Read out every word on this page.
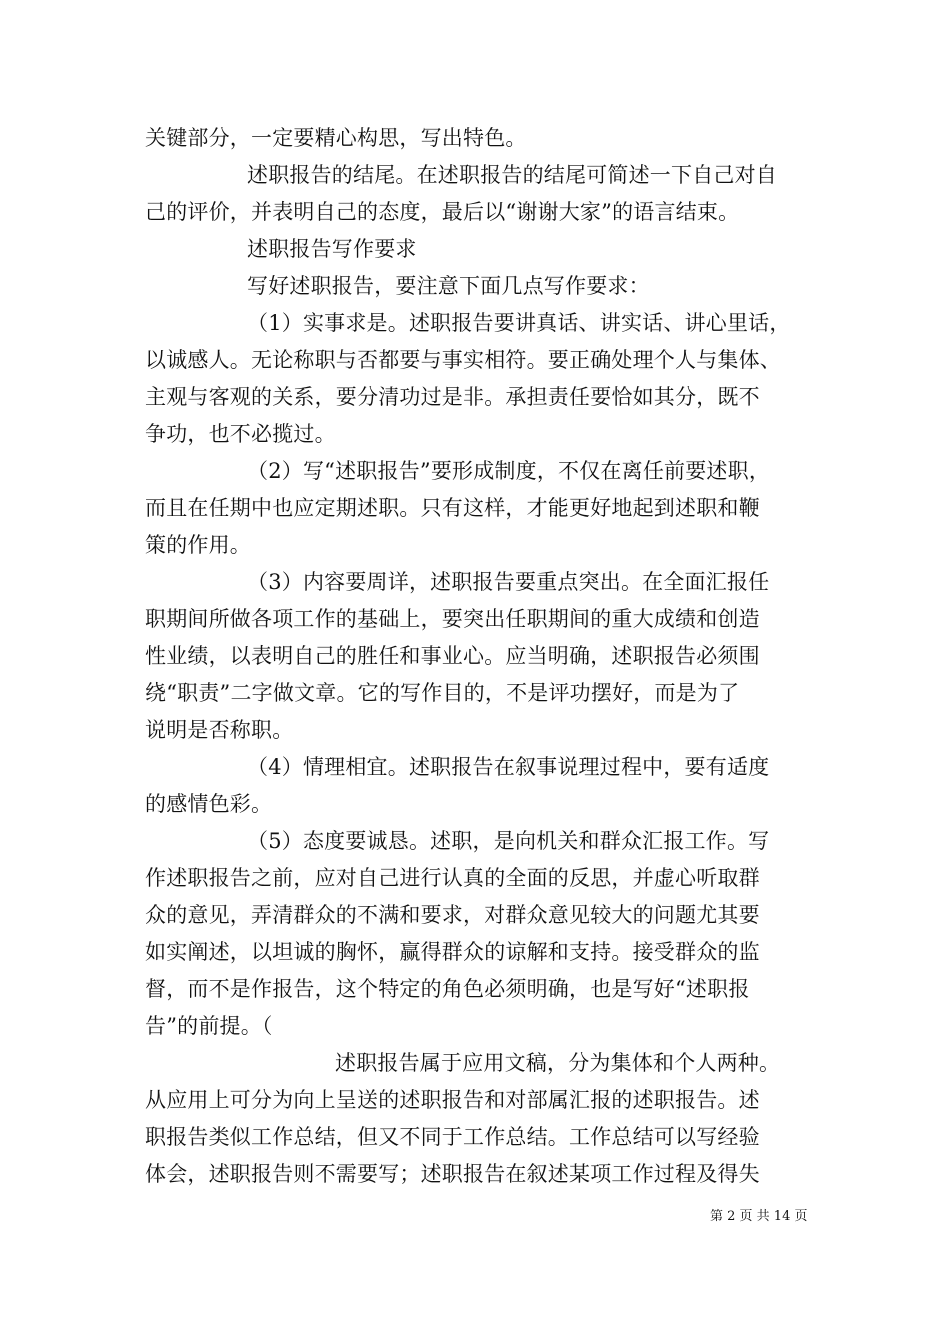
关键部分，一定要精心构思，写出特色。
述职报告的结尾。在述职报告的结尾可简述一下自己对自
己的评价，并表明自己的态度，最后以“谢谢大家”的语言结束。
述职报告写作要求
写好述职报告，要注意下面几点写作要求：
（1）实事求是。述职报告要讲真话、讲实话、讲心里话，
以诚感人。无论称职与否都要与事实相符。要正确处理个人与集体、
主观与客观的关系，要分清功过是非。承担责任要恰如其分，既不
争功，也不必揽过。
（2）写“述职报告”要形成制度，不仅在离任前要述职，
而且在任期中也应定期述职。只有这样，才能更好地起到述职和鞭
策的作用。
（3）内容要周详，述职报告要重点突出。在全面汇报任
职期间所做各项工作的基础上，要突出任职期间的重大成绩和创造
性业绩，以表明自己的胜任和事业心。应当明确，述职报告必须围
绕“职责”二字做文章。它的写作目的，不是评功摆好，而是为了
说明是否称职。
（4）情理相宜。述职报告在叙事说理过程中，要有适度
的感情色彩。
（5）态度要诚恳。述职，是向机关和群众汇报工作。写
作述职报告之前，应对自己进行认真的全面的反思，并虚心听取群
众的意见，弄清群众的不满和要求，对群众意见较大的问题尤其要
如实阐述，以坦诚的胸怀，赢得群众的谅解和支持。接受群众的监
督，而不是作报告，这个特定的角色必须明确，也是写好“述职报
告”的前提。（
述职报告属于应用文稿，分为集体和个人两种。
从应用上可分为向上呈送的述职报告和对部属汇报的述职报告。述
职报告类似工作总结，但又不同于工作总结。工作总结可以写经验
体会，述职报告则不需要写；述职报告在叙述某项工作过程及得失
第 2 页 共 14 页
